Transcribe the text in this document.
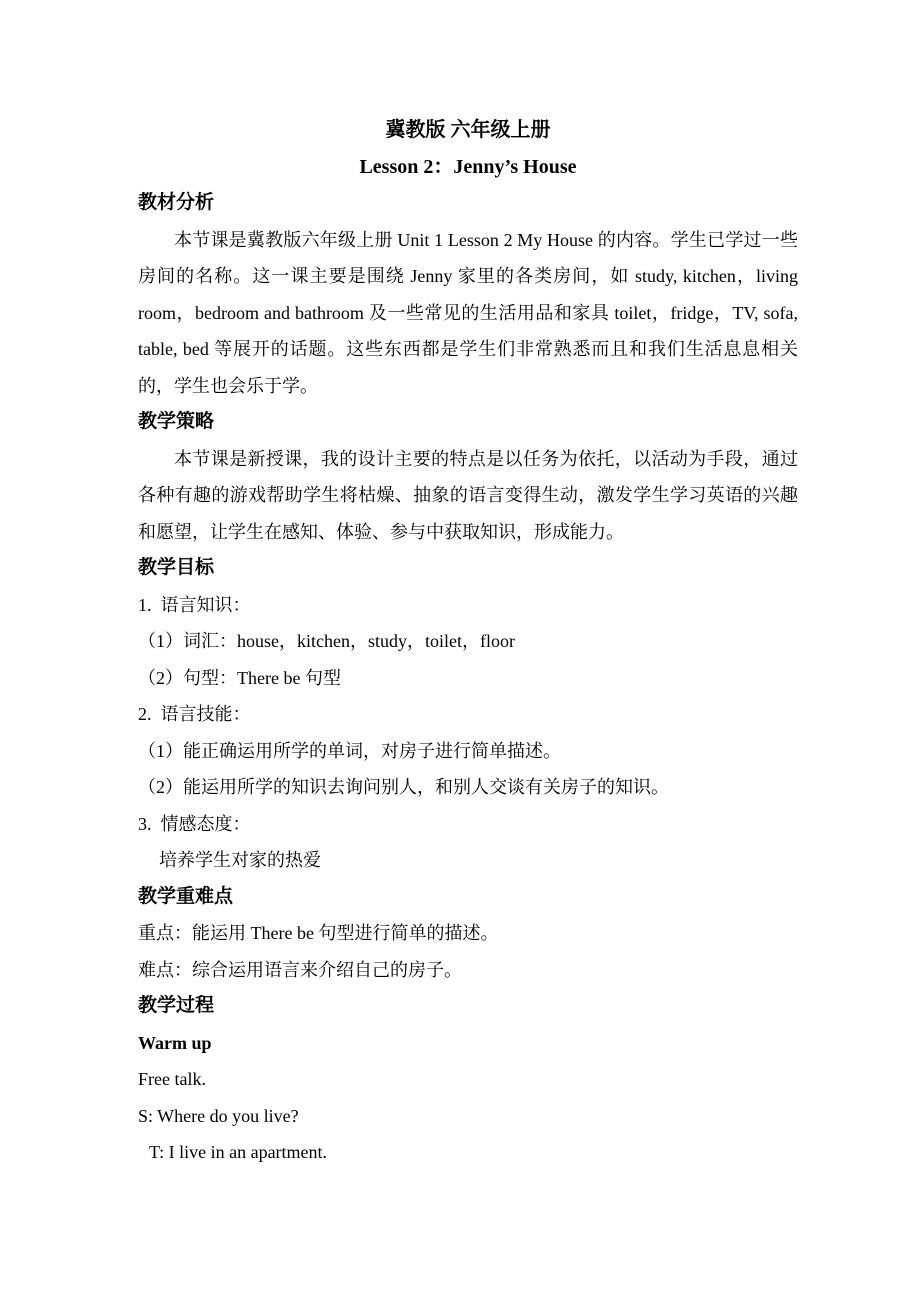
冀教版 六年级上册

Lesson 2：Jenny’s House

教材分析

本节课是冀教版六年级上册 Unit 1 Lesson 2 My House 的内容。学生已学过一些房间的名称。这一课主要是围绕 Jenny 家里的各类房间，如 study, kitchen，living room，bedroom and bathroom 及一些常见的生活用品和家具 toilet，fridge，TV, sofa, table, bed 等展开的话题。这些东西都是学生们非常熟悉而且和我们生活息息相关的，学生也会乐于学。

教学策略

本节课是新授课，我的设计主要的特点是以任务为依托，以活动为手段，通过各种有趣的游戏帮助学生将枯燥、抽象的语言变得生动，激发学生学习英语的兴趣和愿望，让学生在感知、体验、参与中获取知识，形成能力。

教学目标

1.  语言知识：

（1）词汇：house，kitchen，study，toilet，floor

（2）句型：There be 句型

2.  语言技能：

（1）能正确运用所学的单词，对房子进行简单描述。

（2）能运用所学的知识去询问别人，和别人交谈有关房子的知识。

3.  情感态度：

培养学生对家的热爱

教学重难点

重点：能运用 There be 句型进行简单的描述。

难点：综合运用语言来介绍自己的房子。

教学过程

Warm up

Free talk.

S: Where do you live?

T: I live in an apartment.
